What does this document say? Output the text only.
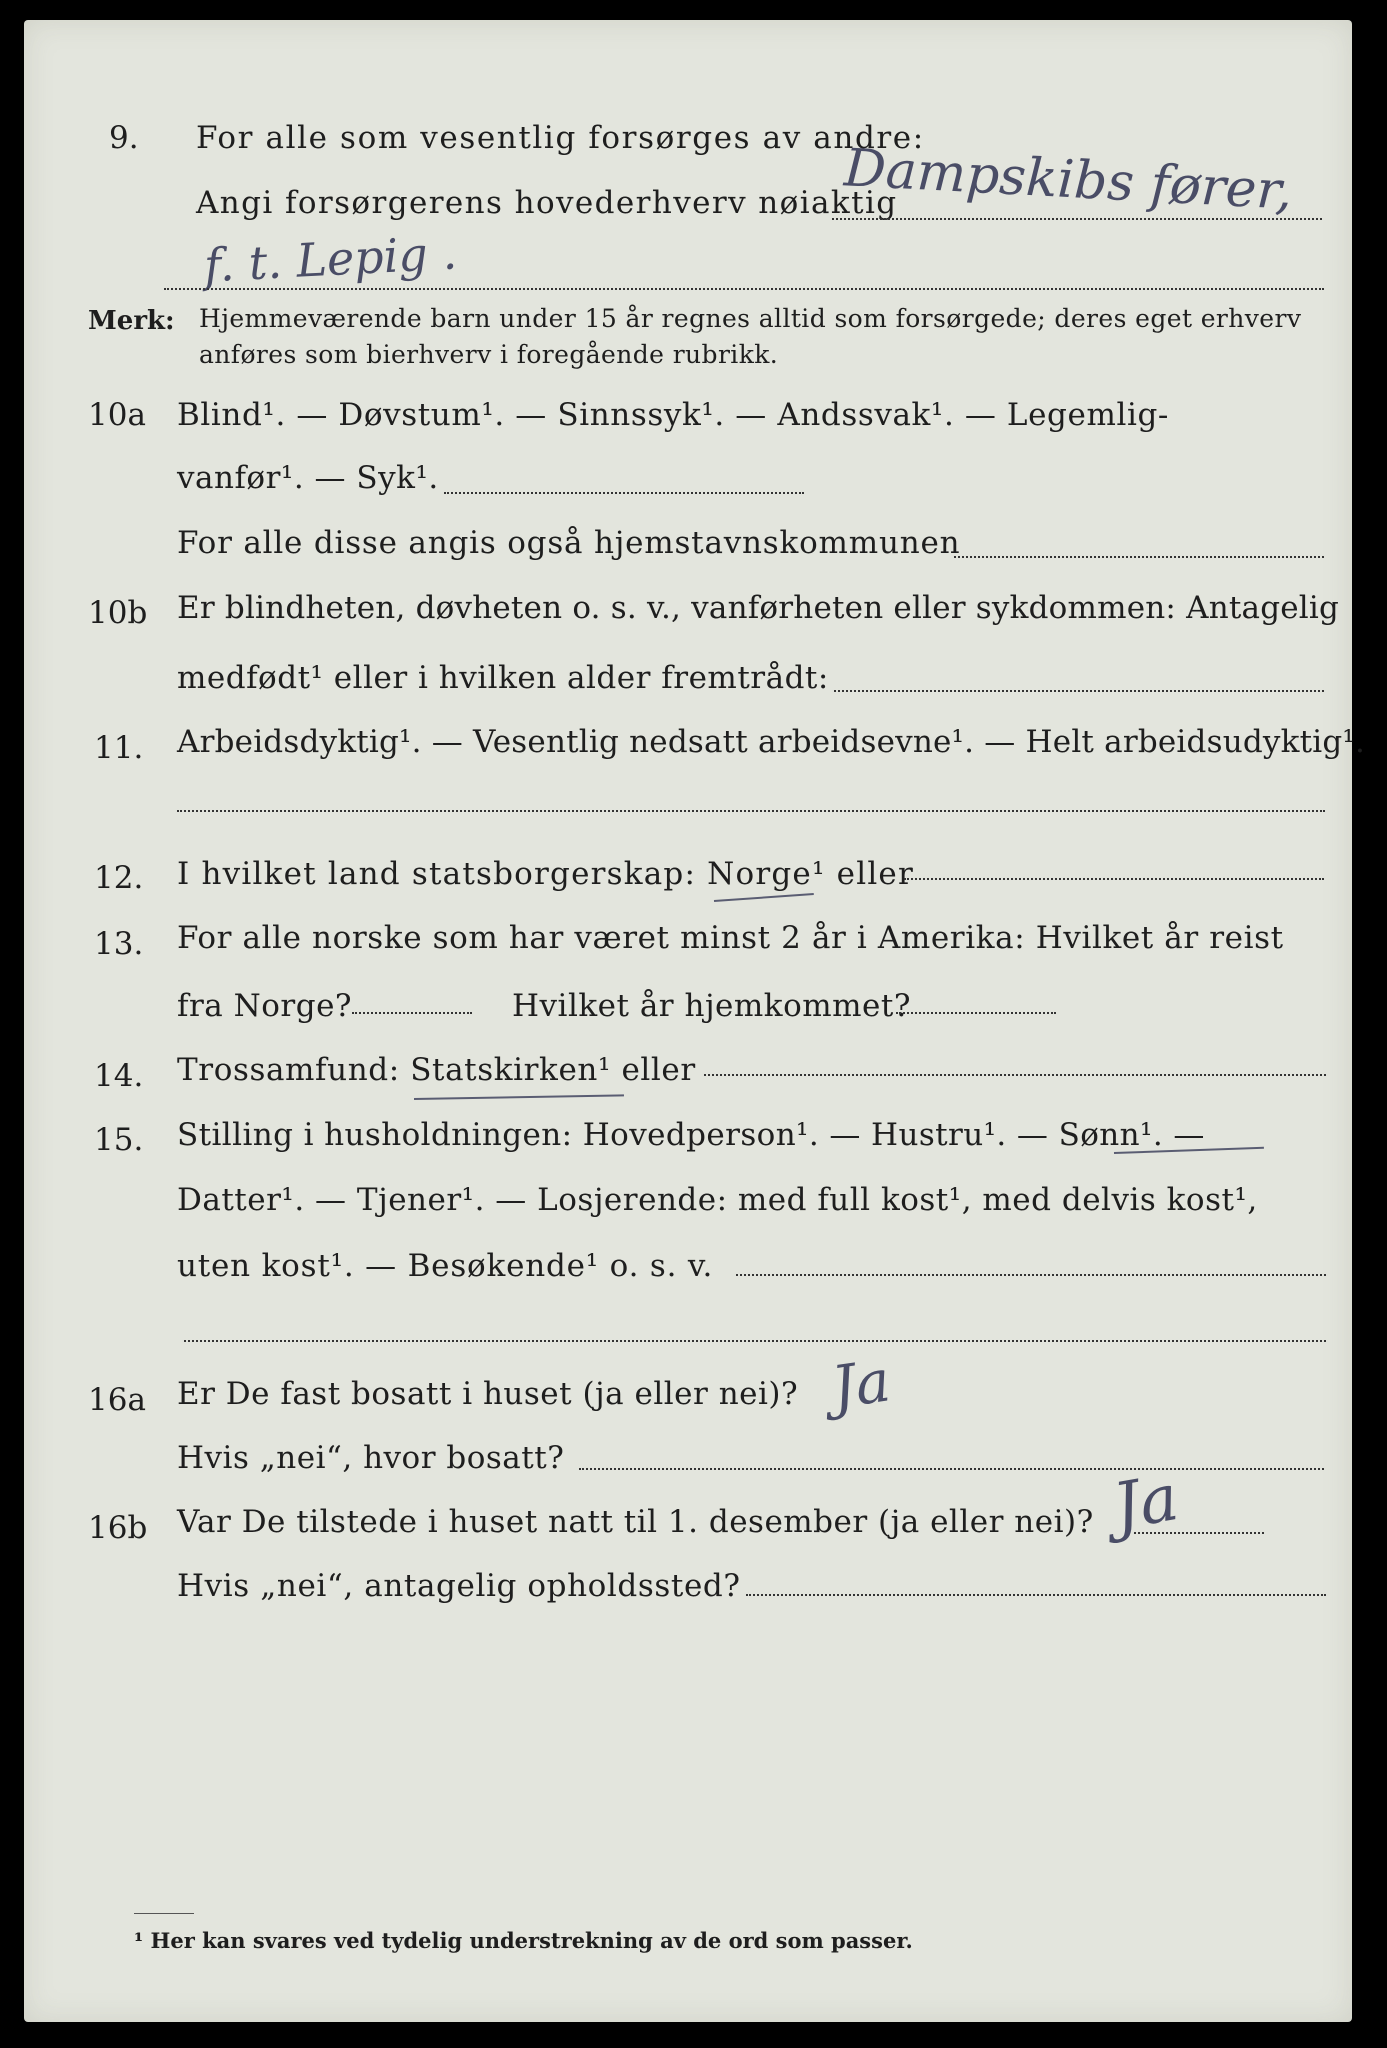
9.	For alle som vesentlig forsørges av andre:
Dampskibs fører,
Angi forsørgerens hovederhverv nøiaktig
f. t. Lepig .
Merk: Hjemmeværende barn under 15 år regnes alltid som forsørgede; deres eget erhverv
anføres som bierhverv i foregående rubrikk.
10a	Blind¹. — Døvstum¹. — Sinnssyk¹. — Andssvak¹. — Legemlig-
vanfør¹. — Syk¹.
For alle disse angis også hjemstavnskommunen
10b Er blindheten, døvheten o. s. v., vanførheten eller sykdommen: Antagelig
medfødt¹ eller i hvilken alder fremtrådt:
11.	Arbeidsdyktig¹. — Vesentlig nedsatt arbeidsevne¹. — Helt arbeidsudyktig¹.
12.	I hvilket land statsborgerskap: Norge¹ eller
13.	For alle norske som har været minst 2 år i Amerika: Hvilket år reist
fra Norge?	Hvilket år hjemkommet?
14.	Trossamfund: Statskirken¹ eller
15.	Stilling i husholdningen: Hovedperson¹. — Hustru¹. — Sønn¹. —
Datter¹. — Tjener¹. — Losjerende: med full kost¹, med delvis kost¹,
uten kost¹. — Besøkende¹ o. s. v.
16a	Er De fast bosatt i huset (ja eller nei)? Ja
Hvis „nei“, hvor bosatt?
16b Var De tilstede i huset natt til 1. desember (ja eller nei)? Ja
Hvis „nei“, antagelig opholdssted?
¹ Her kan svares ved tydelig understrekning av de ord som passer.
